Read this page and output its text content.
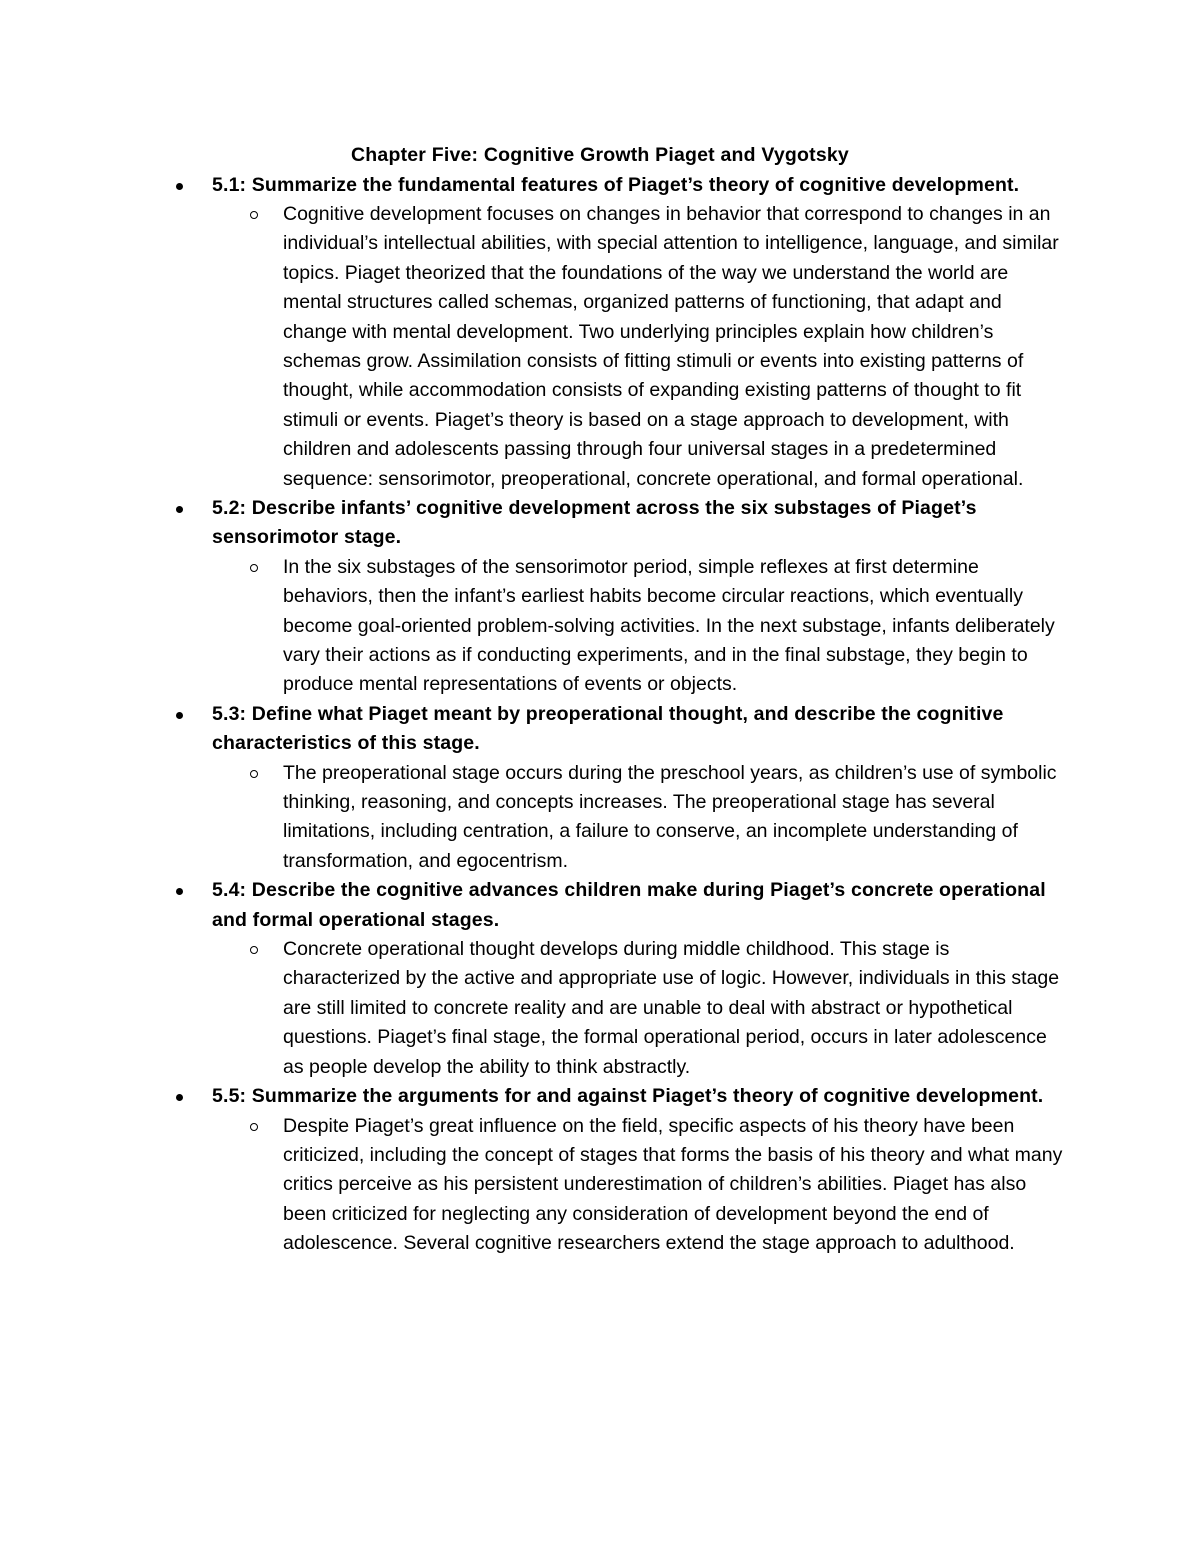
Chapter Five: Cognitive Growth Piaget and Vygotsky
5.1: Summarize the fundamental features of Piaget’s theory of cognitive development.
Cognitive development focuses on changes in behavior that correspond to changes in an individual’s intellectual abilities, with special attention to intelligence, language, and similar topics. Piaget theorized that the foundations of the way we understand the world are mental structures called schemas, organized patterns of functioning, that adapt and change with mental development. Two underlying principles explain how children’s schemas grow. Assimilation consists of fitting stimuli or events into existing patterns of thought, while accommodation consists of expanding existing patterns of thought to fit stimuli or events. Piaget’s theory is based on a stage approach to development, with children and adolescents passing through four universal stages in a predetermined sequence: sensorimotor, preoperational, concrete operational, and formal operational.
5.2: Describe infants’ cognitive development across the six substages of Piaget’s sensorimotor stage.
In the six substages of the sensorimotor period, simple reflexes at first determine behaviors, then the infant’s earliest habits become circular reactions, which eventually become goal-oriented problem-solving activities. In the next substage, infants deliberately vary their actions as if conducting experiments, and in the final substage, they begin to produce mental representations of events or objects.
5.3: Define what Piaget meant by preoperational thought, and describe the cognitive characteristics of this stage.
The preoperational stage occurs during the preschool years, as children’s use of symbolic thinking, reasoning, and concepts increases. The preoperational stage has several limitations, including centration, a failure to conserve, an incomplete understanding of transformation, and egocentrism.
5.4: Describe the cognitive advances children make during Piaget’s concrete operational and formal operational stages.
Concrete operational thought develops during middle childhood. This stage is characterized by the active and appropriate use of logic. However, individuals in this stage are still limited to concrete reality and are unable to deal with abstract or hypothetical questions. Piaget’s final stage, the formal operational period, occurs in later adolescence as people develop the ability to think abstractly.
5.5: Summarize the arguments for and against Piaget’s theory of cognitive development.
Despite Piaget’s great influence on the field, specific aspects of his theory have been criticized, including the concept of stages that forms the basis of his theory and what many critics perceive as his persistent underestimation of children’s abilities. Piaget has also been criticized for neglecting any consideration of development beyond the end of adolescence. Several cognitive researchers extend the stage approach to adulthood.
